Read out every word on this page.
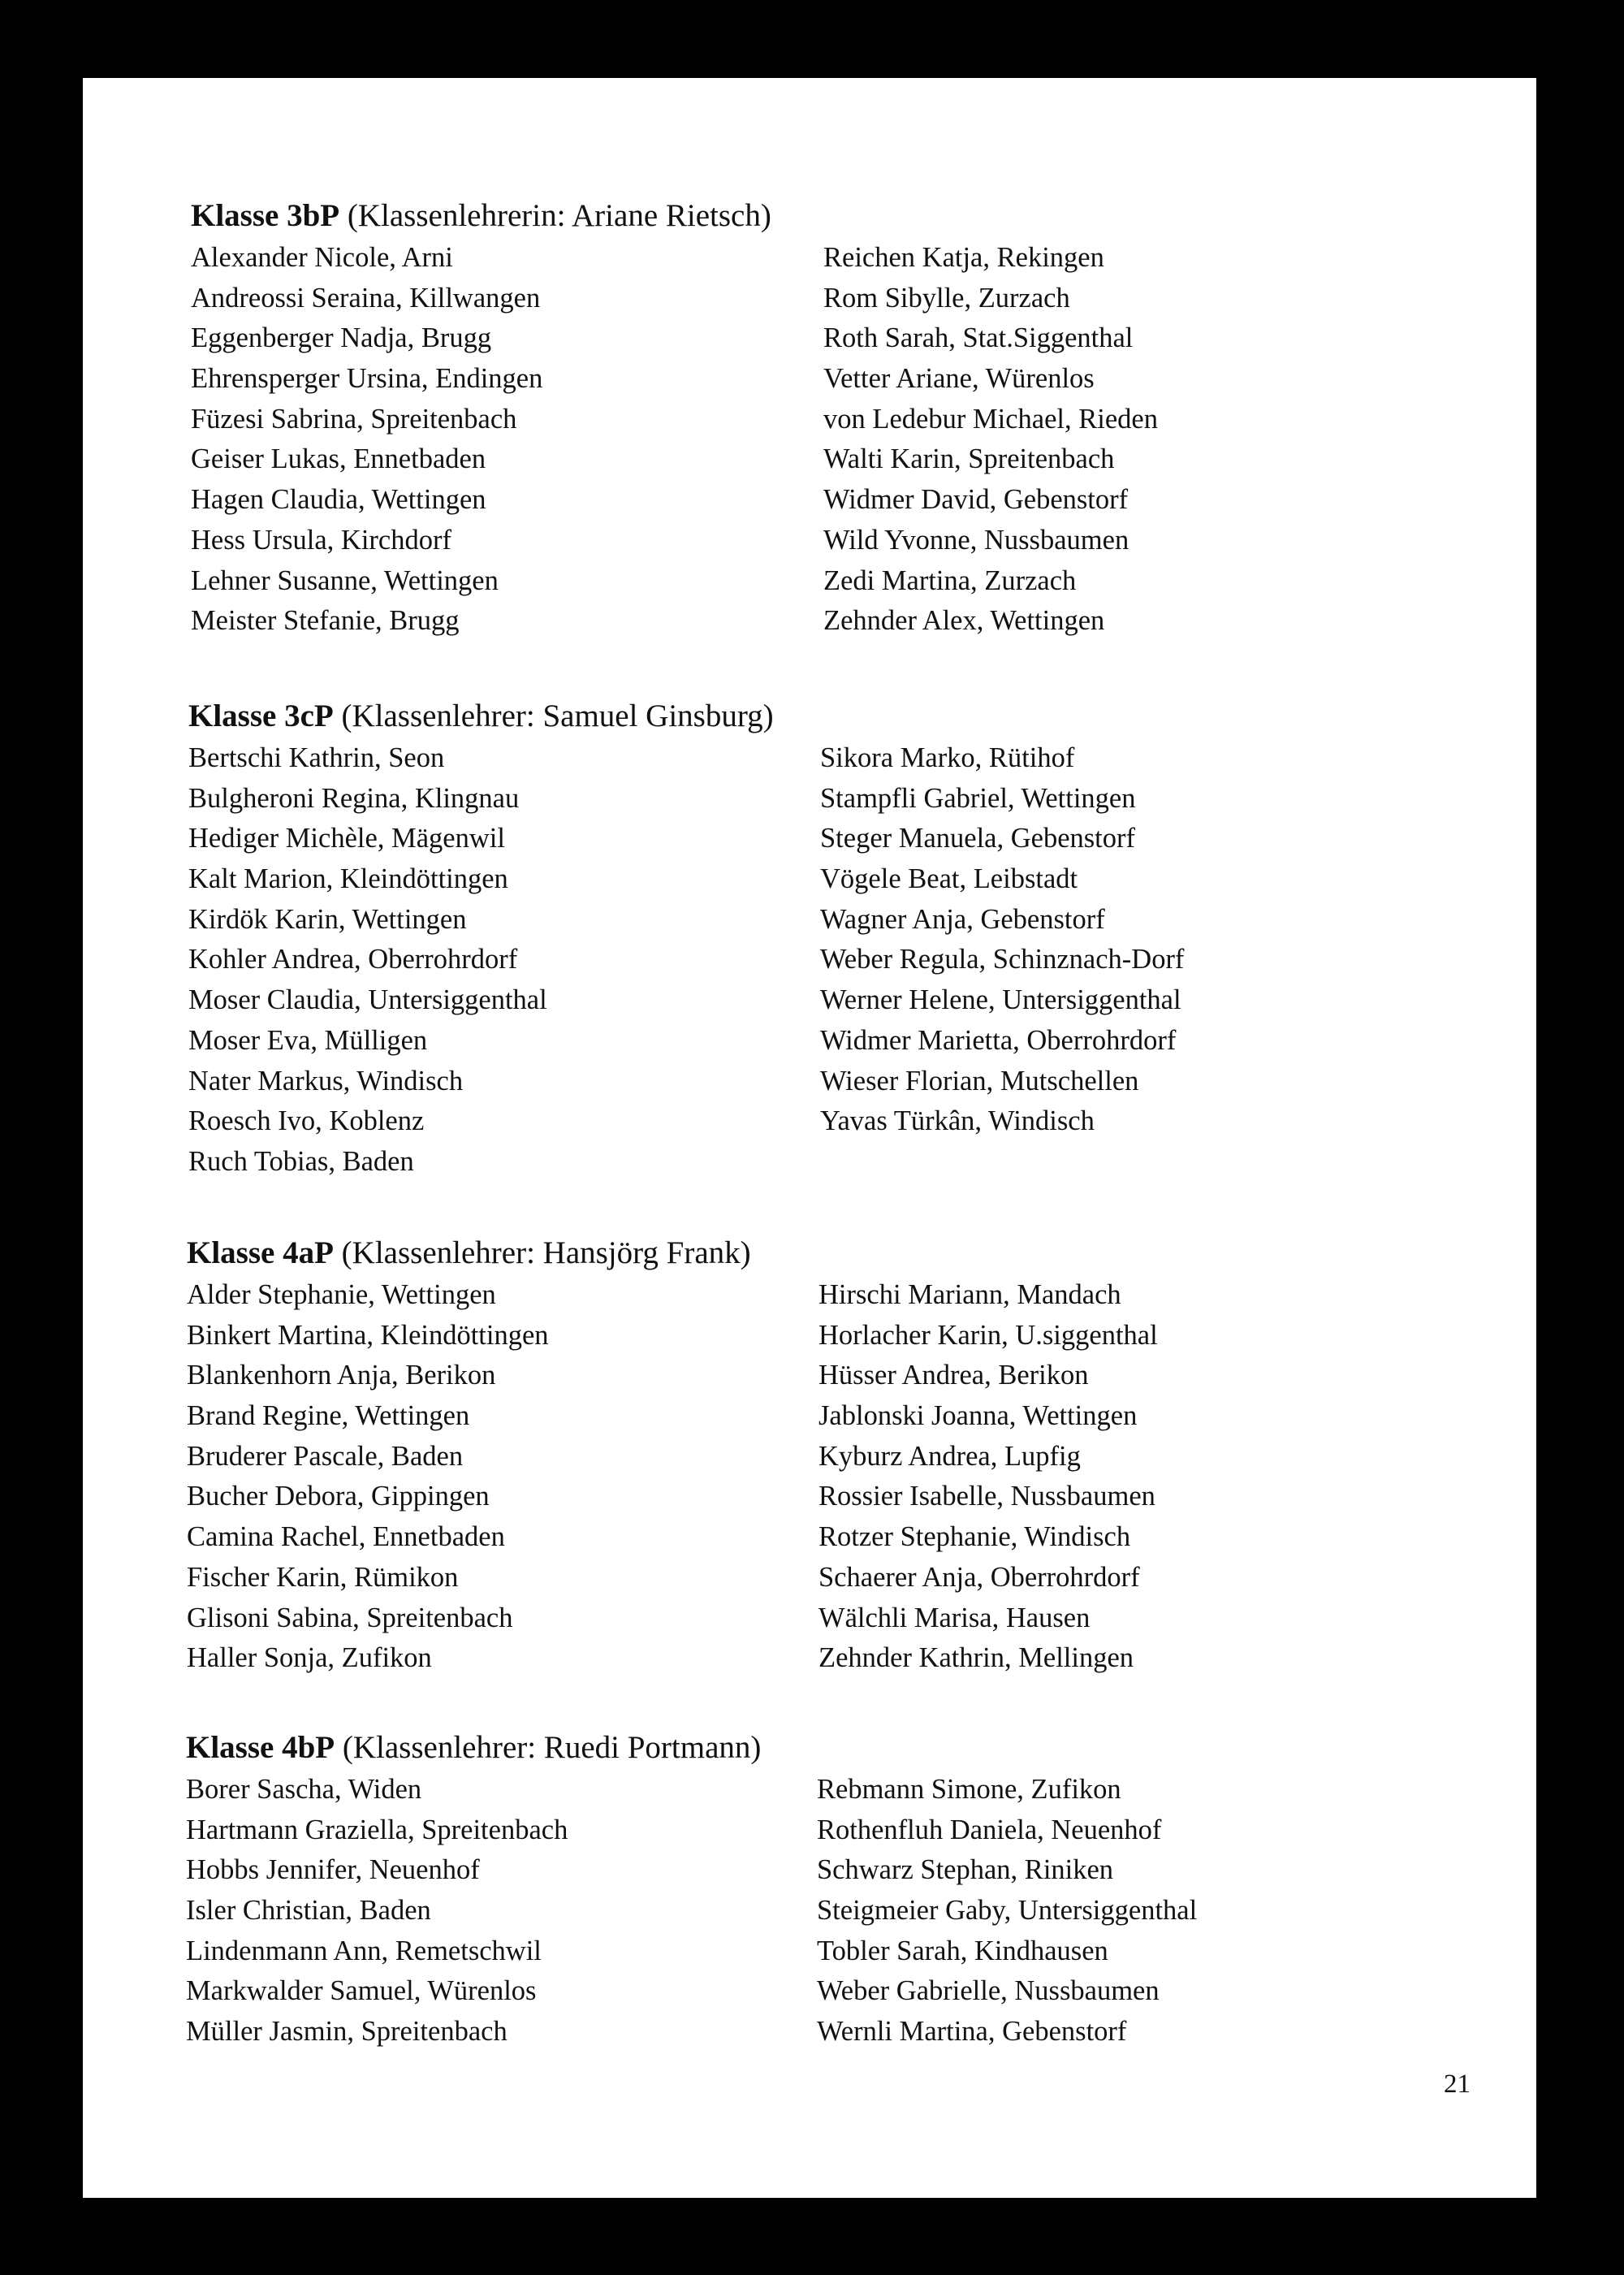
Klasse 3bP (Klassenlehrerin: Ariane Rietsch)
Alexander Nicole, Arni
Andreossi Seraina, Killwangen
Eggenberger Nadja, Brugg
Ehrensperger Ursina, Endingen
Füzesi Sabrina, Spreitenbach
Geiser Lukas, Ennetbaden
Hagen Claudia, Wettingen
Hess Ursula, Kirchdorf
Lehner Susanne, Wettingen
Meister Stefanie, Brugg
Reichen Katja, Rekingen
Rom Sibylle, Zurzach
Roth Sarah, Stat.Siggenthal
Vetter Ariane, Würenlos
von Ledebur Michael, Rieden
Walti Karin, Spreitenbach
Widmer David, Gebenstorf
Wild Yvonne, Nussbaumen
Zedi Martina, Zurzach
Zehnder Alex, Wettingen
Klasse 3cP (Klassenlehrer: Samuel Ginsburg)
Bertschi Kathrin, Seon
Bulgheroni Regina, Klingnau
Hediger Michèle, Mägenwil
Kalt Marion, Kleindöttingen
Kirdök Karin, Wettingen
Kohler Andrea, Oberrohrdorf
Moser Claudia, Untersiggenthal
Moser Eva, Mülligen
Nater Markus, Windisch
Roesch Ivo, Koblenz
Ruch Tobias, Baden
Sikora Marko, Rütihof
Stampfli Gabriel, Wettingen
Steger Manuela, Gebenstorf
Vögele Beat, Leibstadt
Wagner Anja, Gebenstorf
Weber Regula, Schinznach-Dorf
Werner Helene, Untersiggenthal
Widmer Marietta, Oberrohrdorf
Wieser Florian, Mutschellen
Yavas Türkân, Windisch
Klasse 4aP (Klassenlehrer: Hansjörg Frank)
Alder Stephanie, Wettingen
Binkert Martina, Kleindöttingen
Blankenhorn Anja, Berikon
Brand Regine, Wettingen
Bruderer Pascale, Baden
Bucher Debora, Gippingen
Camina Rachel, Ennetbaden
Fischer Karin, Rümikon
Glisoni Sabina, Spreitenbach
Haller Sonja, Zufikon
Hirschi Mariann, Mandach
Horlacher Karin, U.siggenthal
Hüsser Andrea, Berikon
Jablonski Joanna, Wettingen
Kyburz Andrea, Lupfig
Rossier Isabelle, Nussbaumen
Rotzer Stephanie, Windisch
Schaerer Anja, Oberrohrdorf
Wälchli Marisa, Hausen
Zehnder Kathrin, Mellingen
Klasse 4bP (Klassenlehrer: Ruedi Portmann)
Borer Sascha, Widen
Hartmann Graziella, Spreitenbach
Hobbs Jennifer, Neuenhof
Isler Christian, Baden
Lindenmann Ann, Remetschwil
Markwalder Samuel, Würenlos
Müller Jasmin, Spreitenbach
Rebmann Simone, Zufikon
Rothenfluh Daniela, Neuenhof
Schwarz Stephan, Riniken
Steigmeier Gaby, Untersiggenthal
Tobler Sarah, Kindhausen
Weber Gabrielle, Nussbaumen
Wernli Martina, Gebenstorf
21
